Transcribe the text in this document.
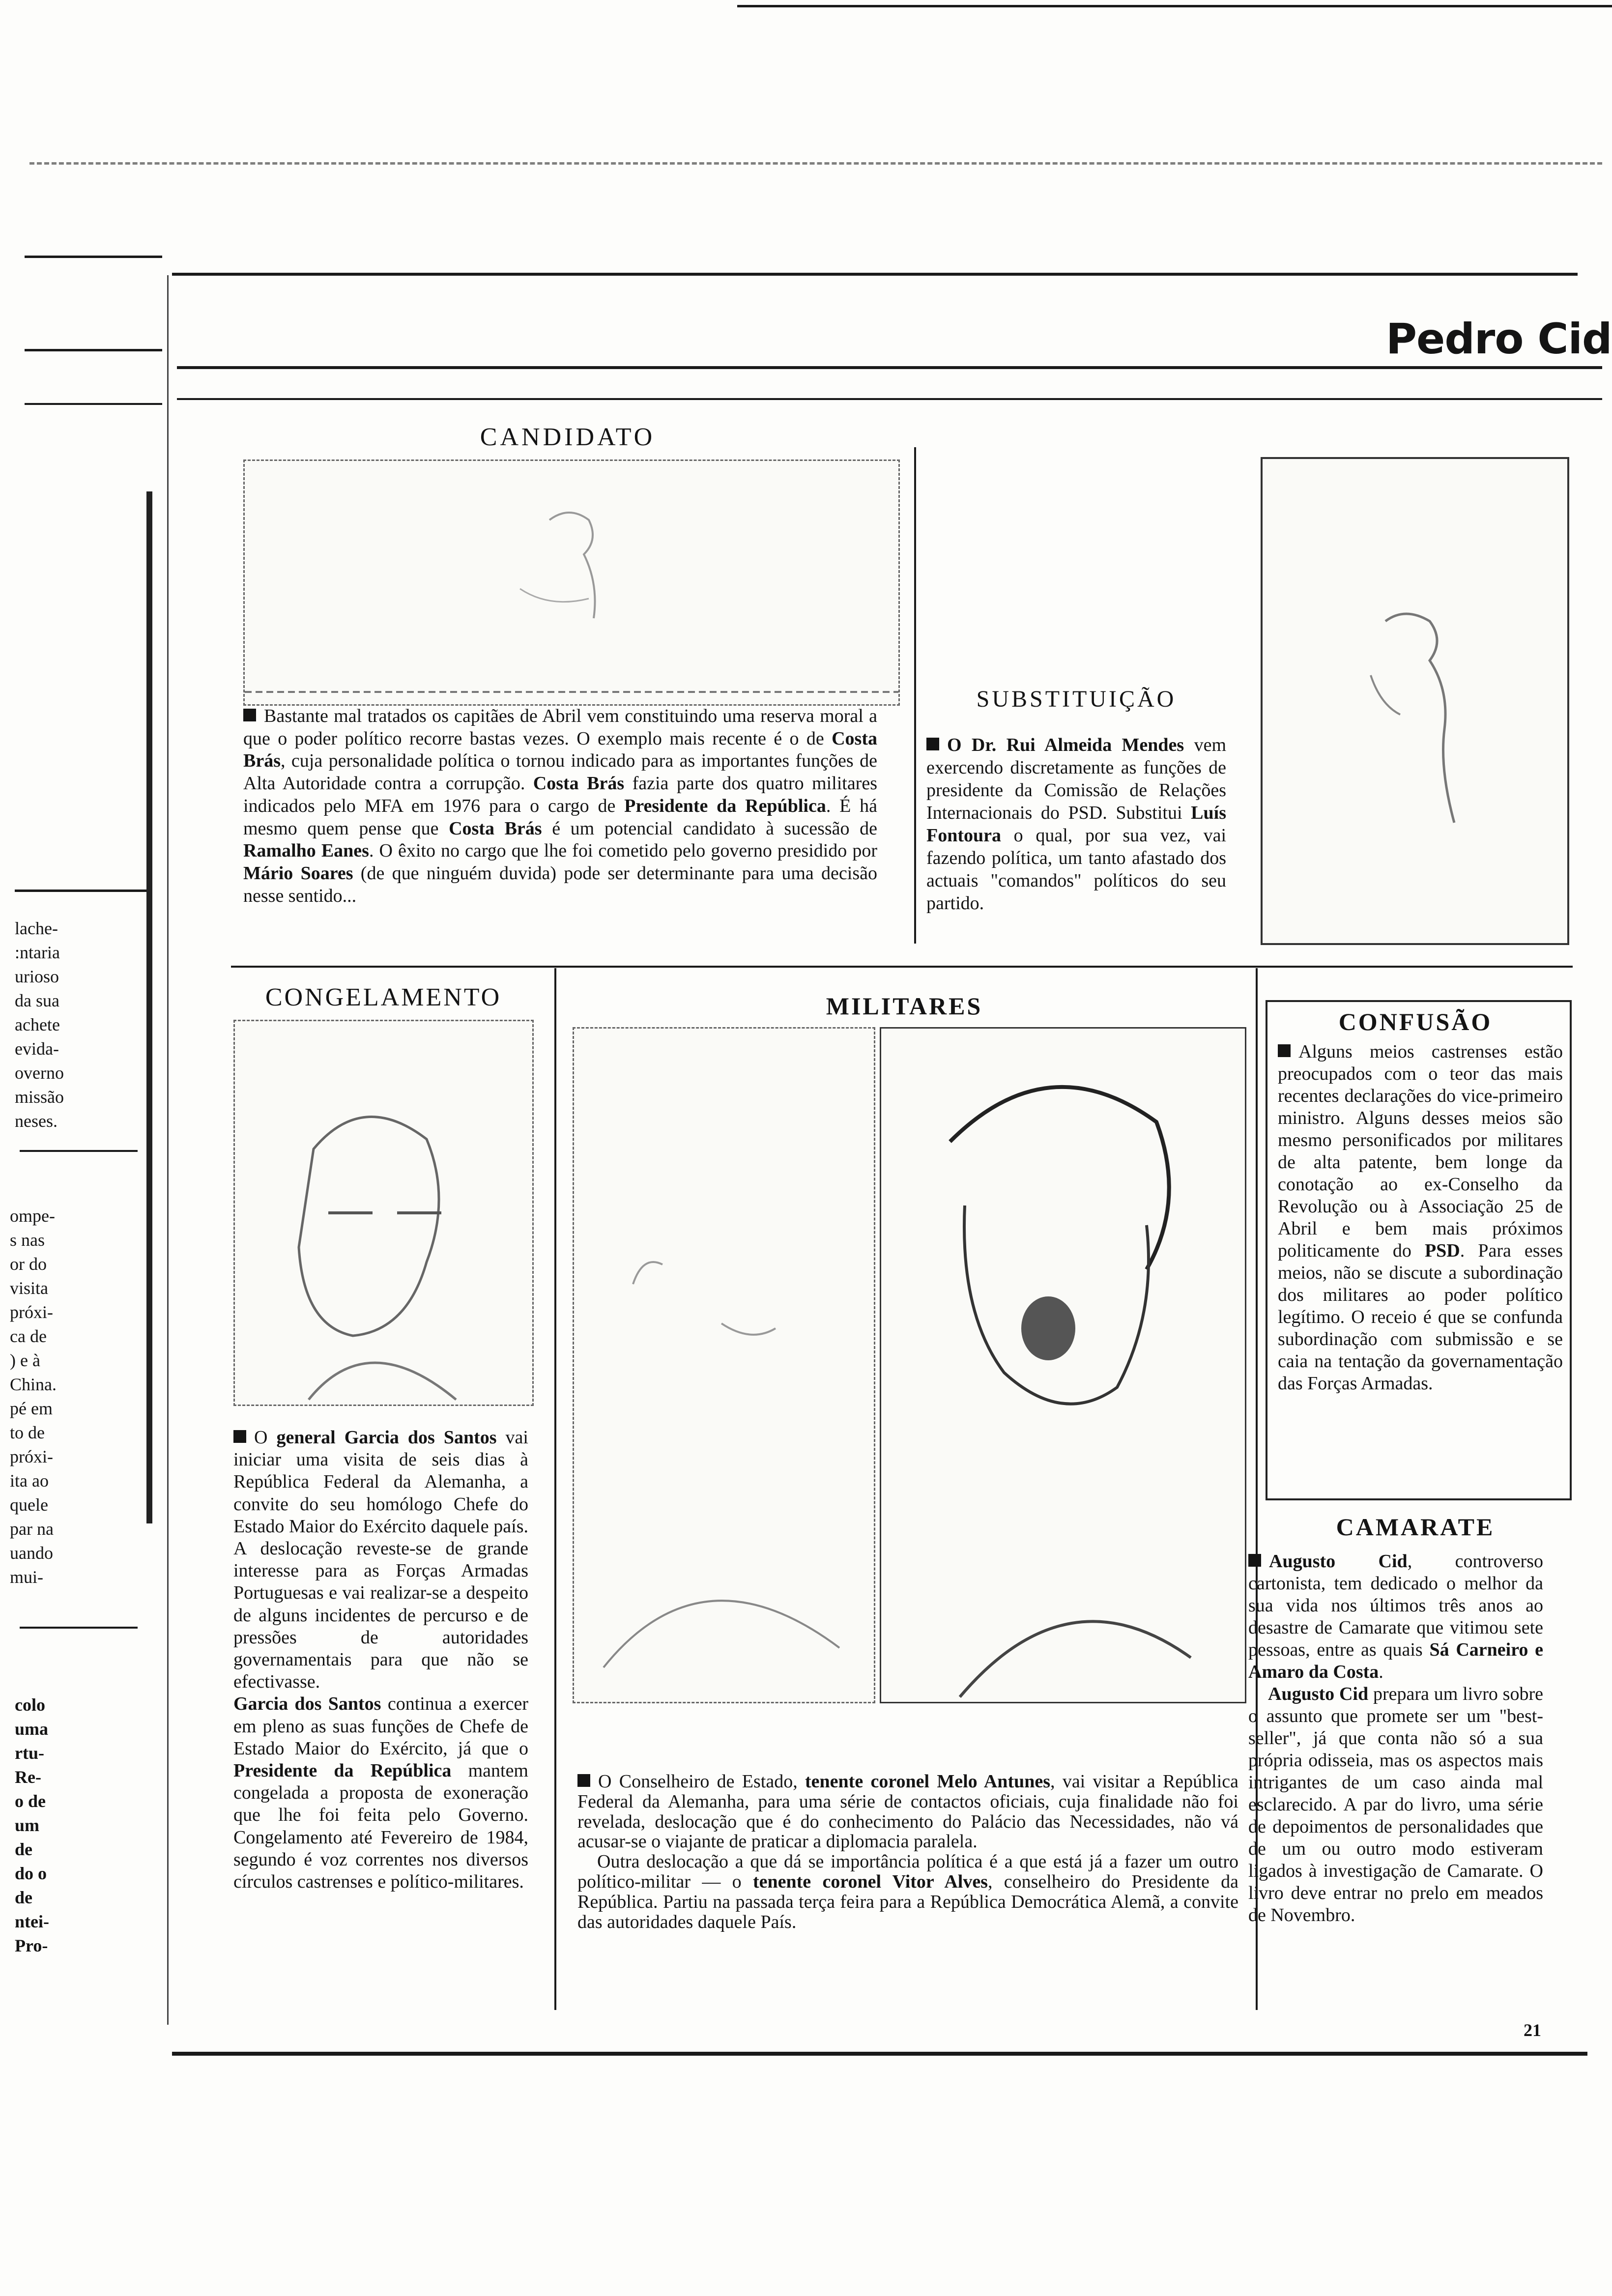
lache-
:ntaria
urioso
da sua
achete
evida-
overno
missão
neses.
ompe-
s nas
or do
visita
próxi-
ca de
) e à
China.
pé em
to de
próxi-
ita ao
quele
par na
uando
mui-
colo
uma
rtu-
Re-
o de
um
de
do o
de
ntei-
Pro-
Pedro Cid
CANDIDATO
Bastante mal tratados os capitães de Abril vem constituindo uma reserva moral a que o poder político recorre bastas vezes. O exemplo mais recente é o de Costa Brás, cuja personalidade política o tornou indicado para as importantes funções de Alta Autoridade contra a corrupção. Costa Brás fazia parte dos quatro militares indicados pelo MFA em 1976 para o cargo de Presidente da República. É há mesmo quem pense que Costa Brás é um potencial candidato à sucessão de Ramalho Eanes. O êxito no cargo que lhe foi cometido pelo governo presidido por Mário Soares (de que ninguém duvida) pode ser determinante para uma decisão nesse sentido...
SUBSTITUIÇÃO
O Dr. Rui Almeida Mendes vem exercendo discretamente as funções de presidente da Comissão de Relações Internacionais do PSD. Substitui Luís Fontoura o qual, por sua vez, vai fazendo política, um tanto afastado dos actuais "comandos" políticos do seu partido.
CONGELAMENTO

O general Garcia dos Santos vai iniciar uma visita de seis dias à República Federal da Alemanha, a convite do seu homólogo Chefe do Estado Maior do Exército daquele país. A deslocação reveste-se de grande interesse para as Forças Armadas Portuguesas e vai realizar-se a despeito de alguns incidentes de percurso e de pressões de autoridades governamentais para que não se efectivasse.

Garcia dos Santos continua a exercer em pleno as suas funções de Chefe de Estado Maior do Exército, já que o Presidente da República mantem congelada a proposta de exoneração que lhe foi feita pelo Governo. Congelamento até Fevereiro de 1984, segundo é voz correntes nos diversos círculos castrenses e político-militares.

MILITARES

O Conselheiro de Estado, tenente coronel Melo Antunes, vai visitar a República Federal da Alemanha, para uma série de contactos oficiais, cuja finalidade não foi revelada, deslocação que é do conhecimento do Palácio das Necessidades, não vá acusar-se o viajante de praticar a diplomacia paralela.

Outra deslocação a que dá se importância política é a que está já a fazer um outro político-militar — o tenente coronel Vitor Alves, conselheiro do Presidente da República. Partiu na passada terça feira para a República Democrática Alemã, a convite das autoridades daquele País.

CONFUSÃO
Alguns meios castrenses estão preocupados com o teor das mais recentes declarações do vice-primeiro ministro. Alguns desses meios são mesmo personificados por militares de alta patente, bem longe da conotação ao ex-Conselho da Revolução ou à Associação 25 de Abril e bem mais próximos politicamente do PSD. Para esses meios, não se discute a subordinação dos militares ao poder político legítimo. O receio é que se confunda subordinação com submissão e se caia na tentação da governamentação das Forças Armadas.
CAMARATE

Augusto Cid, controverso cartonista, tem dedicado o melhor da sua vida nos últimos três anos ao desastre de Camarate que vitimou sete pessoas, entre as quais Sá Carneiro e Amaro da Costa.

Augusto Cid prepara um livro sobre o assunto que promete ser um "best-seller", já que conta não só a sua própria odisseia, mas os aspectos mais intrigantes de um caso ainda mal esclarecido. A par do livro, uma série de depoimentos de personalidades que de um ou outro modo estiveram ligados à investigação de Camarate. O livro deve entrar no prelo em meados de Novembro.

21
